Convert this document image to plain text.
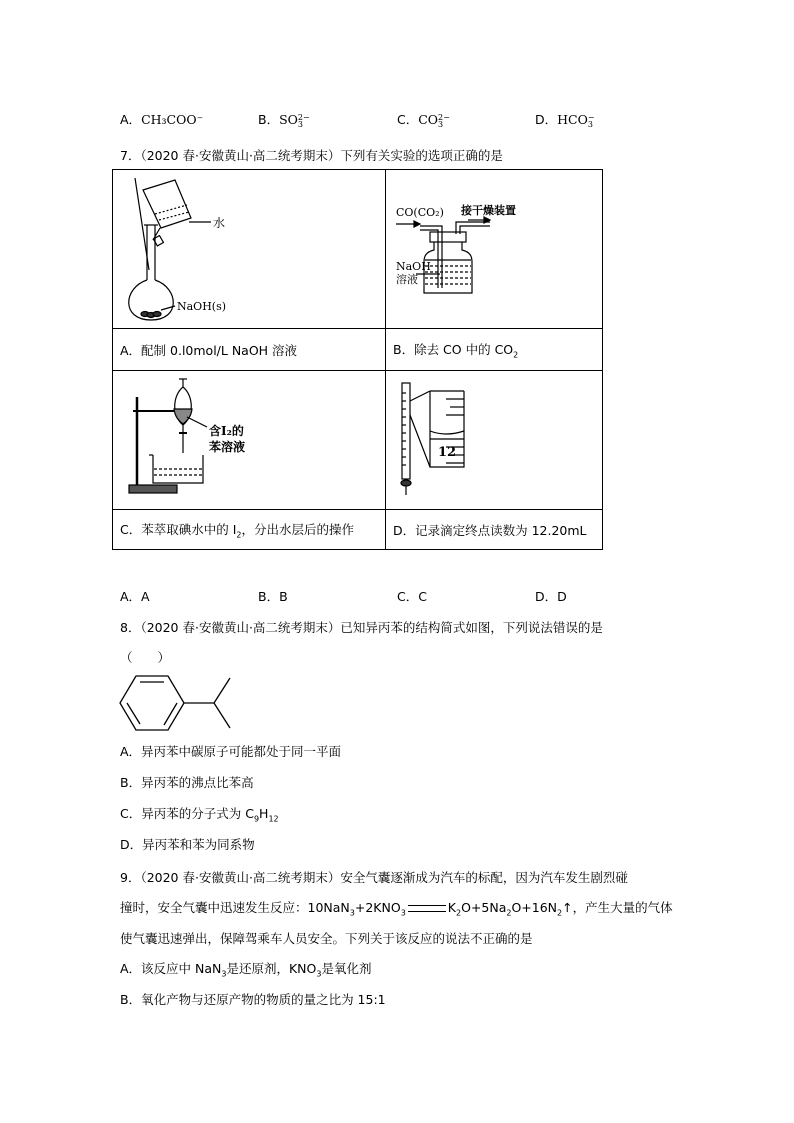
A．CH₃COO⁻	B．SO2−
3	C．CO2−
3	D．HCO−
3
7．（2020 春·安徽黄山·高二统考期末）下列有关实验的选项正确的是
水
NaOH(s)	CO(CO₂) 接干燥装置
NaOH
溶液

A．配制 0.l0mol/L NaOH 溶液	B．除去 CO 中的 $CO_2$

含I₂的
苯溶液	12

C．苯萃取碘水中的 $I_2$，分出水层后的操作	D．记录滴定终点读数为 12.20mL
A．A	B．B	C．C	D．D
8．（2020 春·安徽黄山·高二统考期末）已知异丙苯的结构简式如图，下列说法错误的是
（　　）
A．异丙苯中碳原子可能都处于同一平面
B．异丙苯的沸点比苯高
C．异丙苯的分子式为 $C_9H_{12}$
D．异丙苯和苯为同系物
9．（2020 春·安徽黄山·高二统考期末）安全气囊逐渐成为汽车的标配，因为汽车发生剧烈碰
撞时，安全气囊中迅速发生反应：$10NaN_3+2KNO_3$	$K_2O+5Na_2O+16N_2↑$，产生大量的气体
使气囊迅速弹出，保障驾乘车人员安全。下列关于该反应的说法不正确的是
A．该反应中 NaN$_3$是还原剂，$KNO_3$是氧化剂
B．氧化产物与还原产物的物质的量之比为 15:1
